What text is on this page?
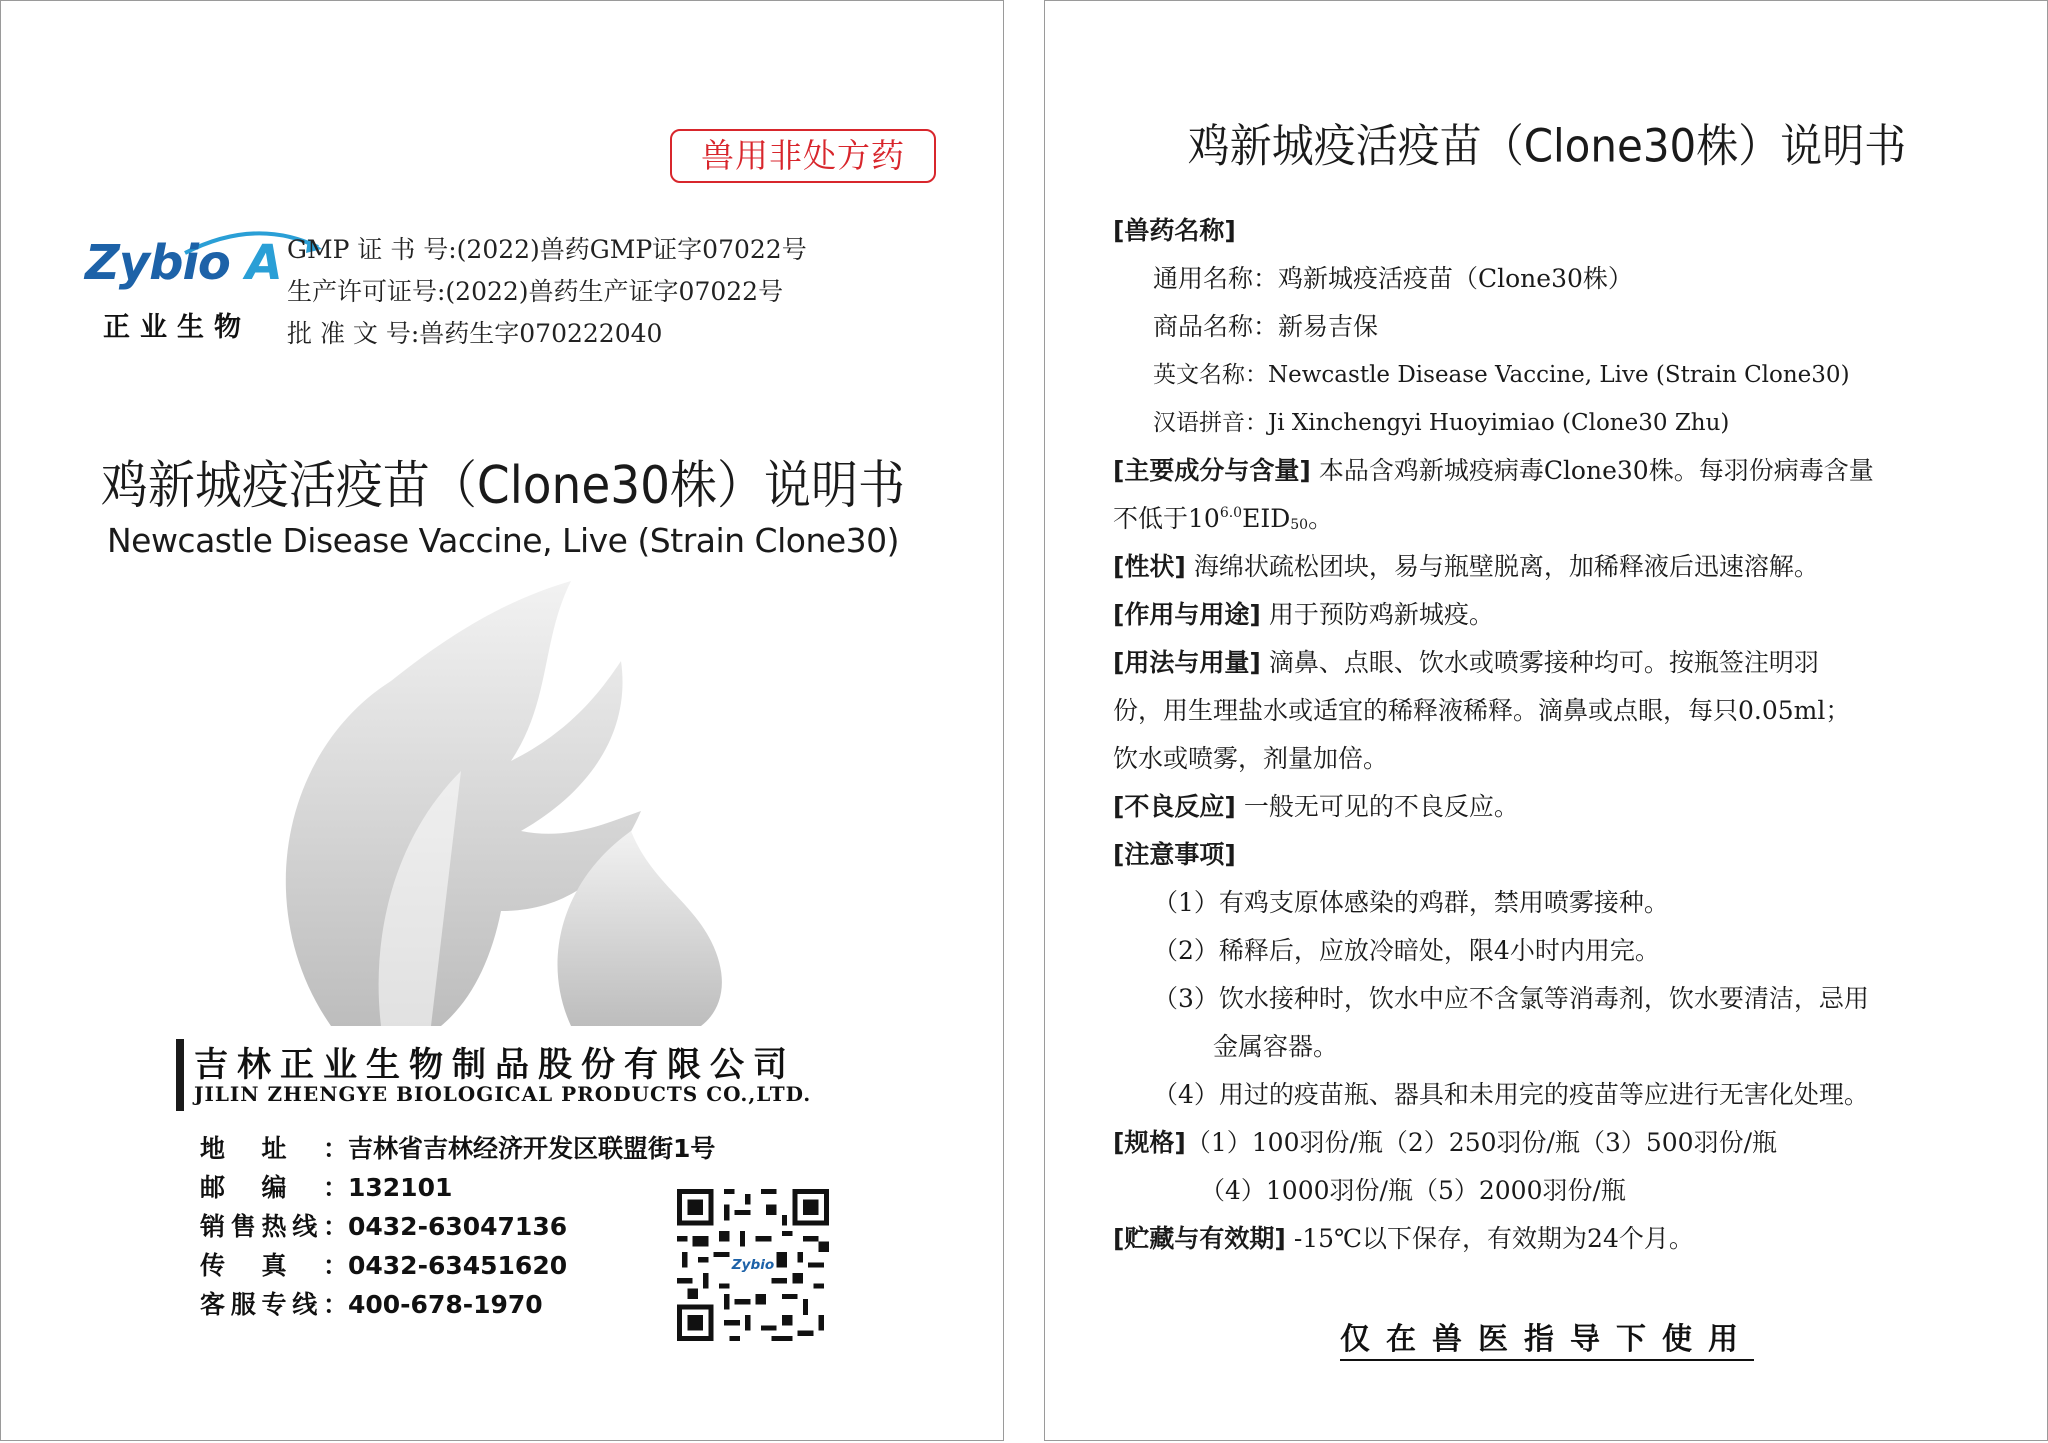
兽用非处方药
Zybio A
正业生物
GMP 证 书 号:(2022)兽药GMP证字07022号
生产许可证号:(2022)兽药生产证字07022号
批 准 文 号:兽药生字070222040
鸡新城疫活疫苗（Clone30株）说明书
Newcastle Disease Vaccine, Live (Strain Clone30)
吉林正业生物制品股份有限公司
JILIN ZHENGYE BIOLOGICAL PRODUCTS CO.,LTD.
地址：吉林省吉林经济开发区联盟街1号
邮编：132101
销售热线：0432-63047136
传真：0432-63451620
客服专线：400-678-1970
Zybio
鸡新城疫活疫苗（Clone30株）说明书
[兽药名称]
通用名称：鸡新城疫活疫苗（Clone30株）
商品名称：新易吉保
英文名称：Newcastle Disease Vaccine, Live (Strain Clone30)
汉语拼音：Ji Xinchengyi Huoyimiao (Clone30 Zhu)
[主要成分与含量] 本品含鸡新城疫病毒Clone30株。每羽份病毒含量
不低于$10^{6.0}EID_{50}$。
[性状] 海绵状疏松团块，易与瓶壁脱离，加稀释液后迅速溶解。
[作用与用途] 用于预防鸡新城疫。
[用法与用量] 滴鼻、点眼、饮水或喷雾接种均可。按瓶签注明羽
份，用生理盐水或适宜的稀释液稀释。滴鼻或点眼，每只0.05ml；
饮水或喷雾，剂量加倍。
[不良反应] 一般无可见的不良反应。
[注意事项]
（1）有鸡支原体感染的鸡群，禁用喷雾接种。
（2）稀释后，应放冷暗处，限4小时内用完。
（3）饮水接种时，饮水中应不含氯等消毒剂，饮水要清洁，忌用
金属容器。
（4）用过的疫苗瓶、器具和未用完的疫苗等应进行无害化处理。
[规格]（1）100羽份/瓶（2）250羽份/瓶（3）500羽份/瓶
（4）1000羽份/瓶（5）2000羽份/瓶
[贮藏与有效期] -15℃以下保存，有效期为24个月。
仅在兽医指导下使用
